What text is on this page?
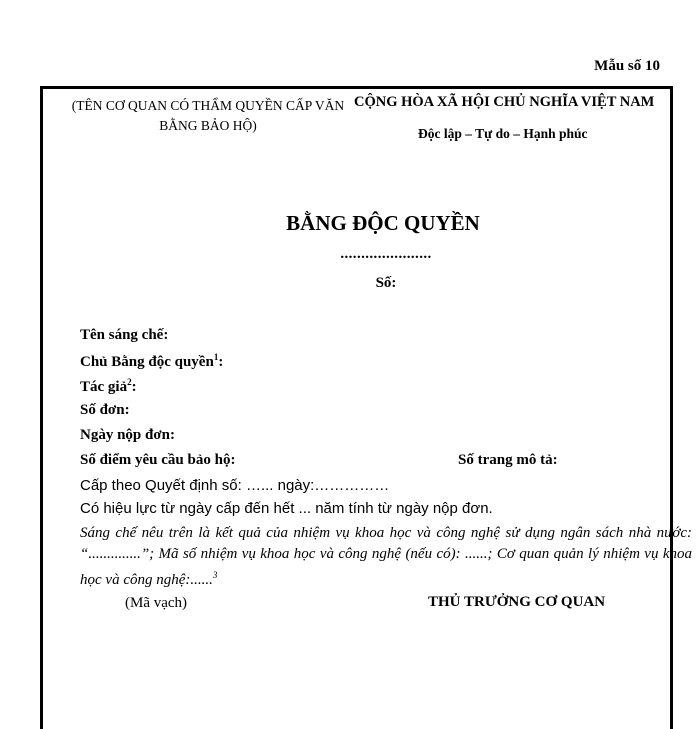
Mẫu số 10
(TÊN CƠ QUAN CÓ THẨM QUYỀN CẤP VĂN BẰNG BẢO HỘ)
CỘNG HÒA XÃ HỘI CHỦ NGHĨA VIỆT NAM
Độc lập – Tự do – Hạnh phúc
BẰNG ĐỘC QUYỀN
......................
Số:
Tên sáng chế:
Chủ Bằng độc quyền$^1$:
Tác giả$^2$:
Số đơn:
Ngày nộp đơn:
Số điểm yêu cầu bảo hộ:	Số trang mô tả:
Cấp theo Quyết định số: …... ngày:……………
Có hiệu lực từ ngày cấp đến hết ... năm tính từ ngày nộp đơn.
Sáng chế nêu trên là kết quả của nhiệm vụ khoa học và công nghệ sử dụng ngân sách nhà nước: “..............”; Mã số nhiệm vụ khoa học và công nghệ (nếu có): ......; Cơ quan quản lý nhiệm vụ khoa học và công nghệ:......$^3$
(Mã vạch)	THỦ TRƯỞNG CƠ QUAN
